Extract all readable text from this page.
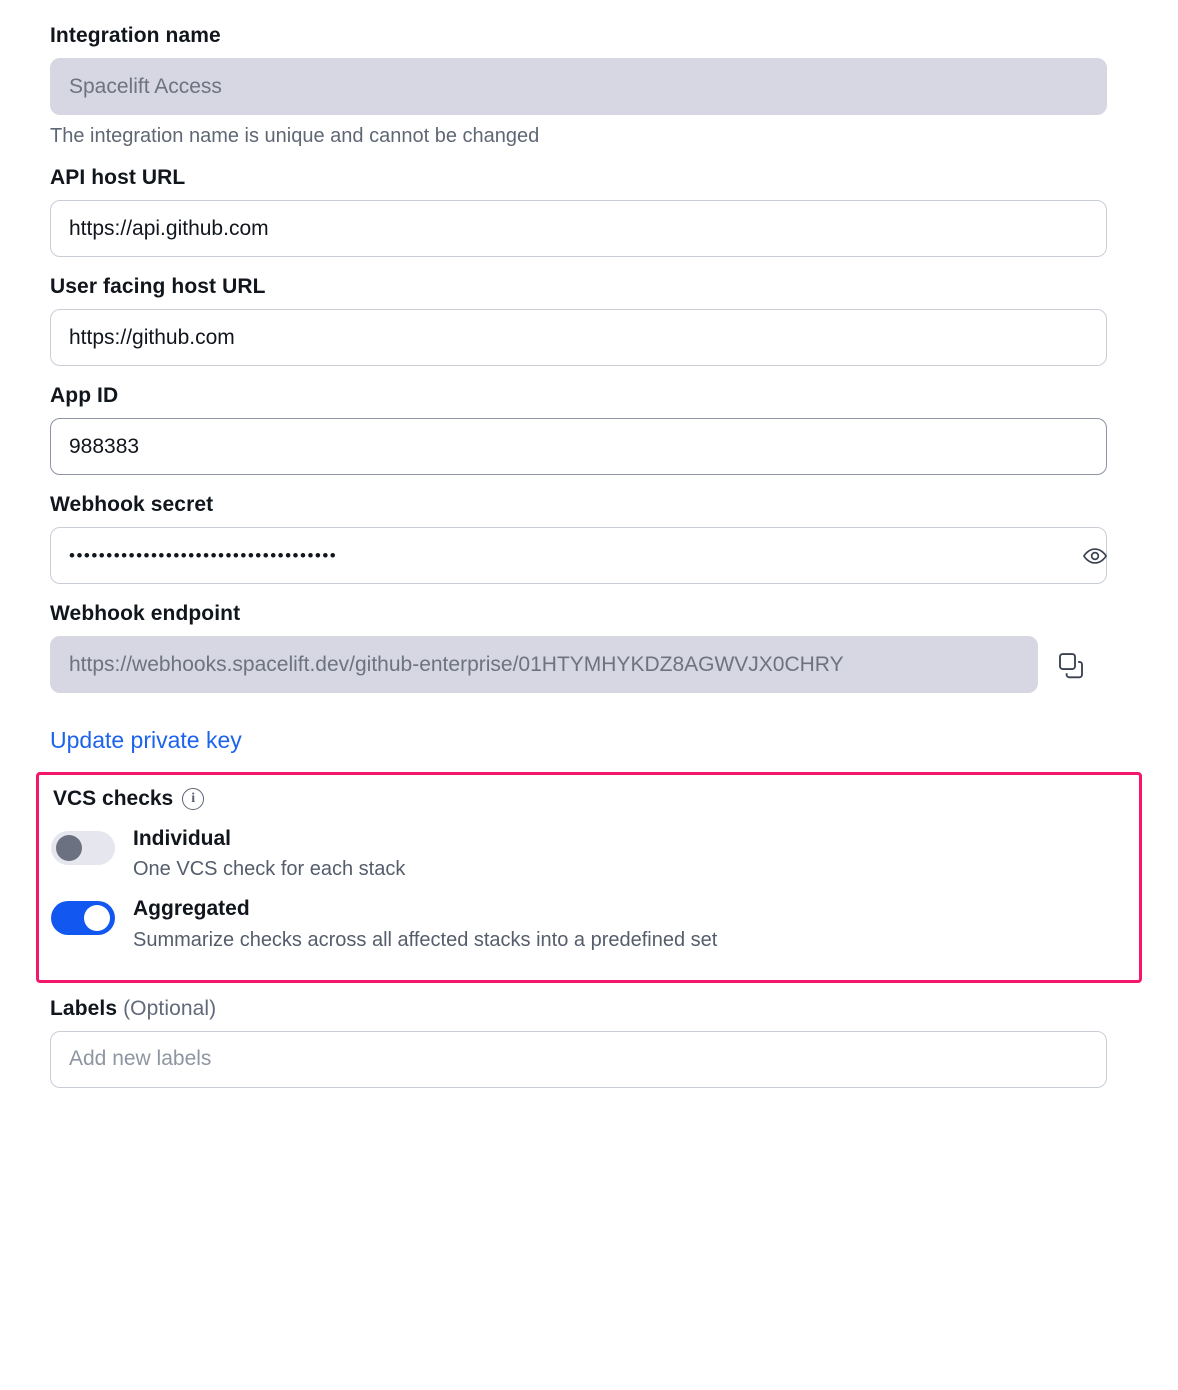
Integration name
Spacelift Access
The integration name is unique and cannot be changed
API host URL
https://api.github.com
User facing host URL
https://github.com
App ID
988383
Webhook secret
••••••••••••••••••••••••••••••••••••
Webhook endpoint
https://webhooks.spacelift.dev/github-enterprise/01HTYMHYKDZ8AGWVJX0CHRY
Update private key
VCS checks	i
Individual
One VCS check for each stack
Aggregated
Summarize checks across all affected stacks into a predefined set
Labels (Optional)
Add new labels
